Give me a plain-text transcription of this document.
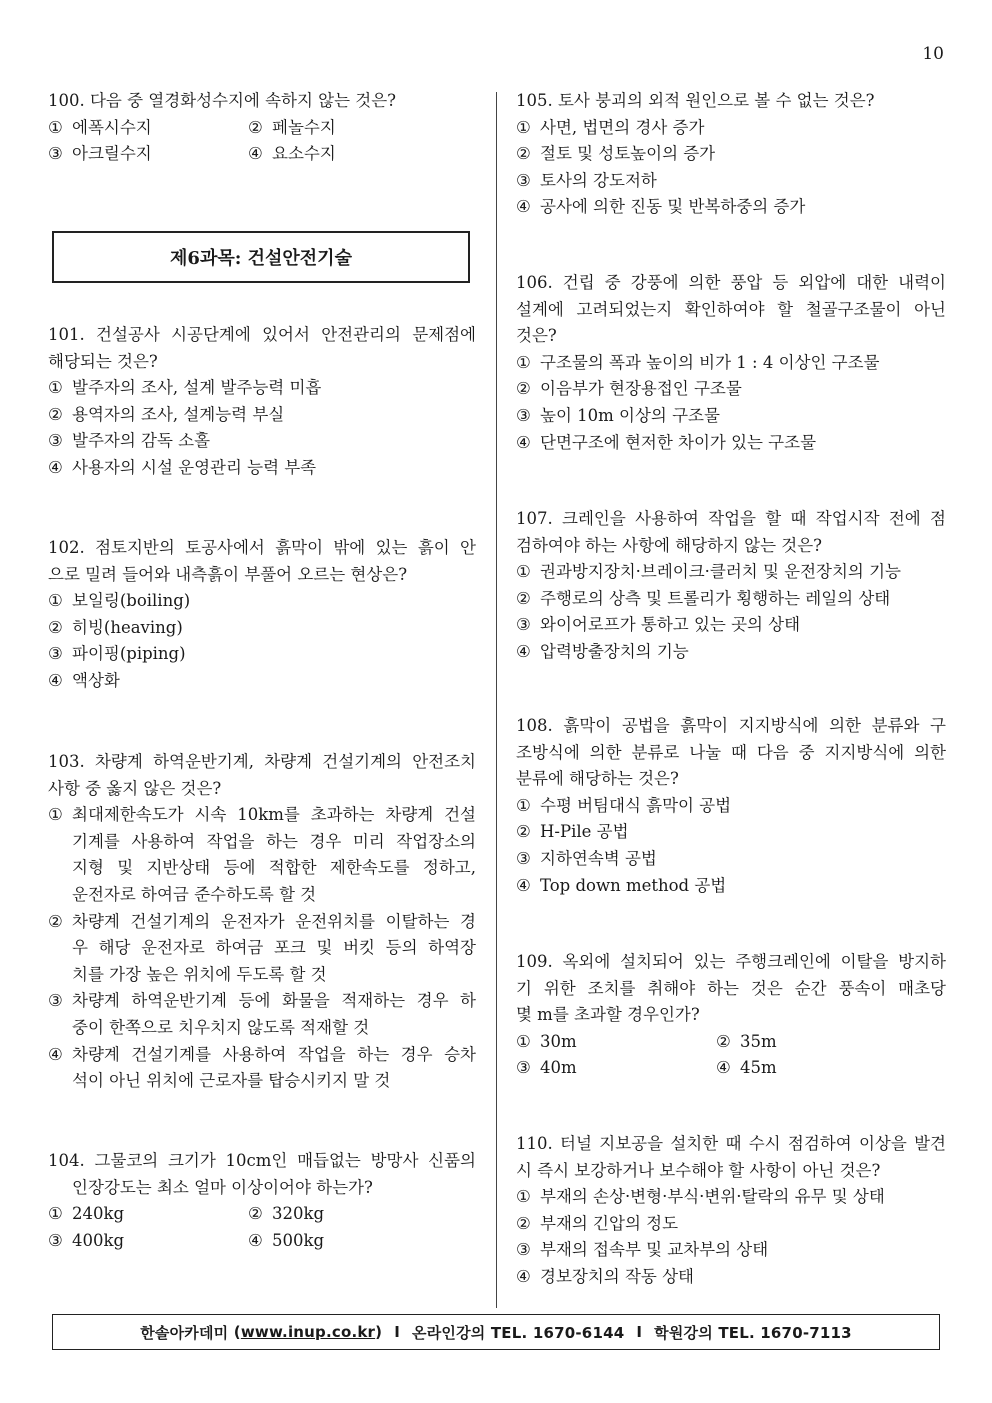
10
100. 다음 중 열경화성수지에 속하지 않는 것은?
① 에폭시수지	② 페놀수지
③ 아크릴수지	④ 요소수지
101. 건설공사 시공단계에 있어서 안전관리의 문제점에
해당되는 것은?
① 발주자의 조사, 설계 발주능력 미흡
② 용역자의 조사, 설계능력 부실
③ 발주자의 감독 소홀
④ 사용자의 시설 운영관리 능력 부족
102. 점토지반의 토공사에서 흙막이 밖에 있는 흙이 안
으로 밀려 들어와 내측흙이 부풀어 오르는 현상은?
① 보일링(boiling)
② 히빙(heaving)
③ 파이핑(piping)
④ 액상화
103. 차량계 하역운반기계, 차량계 건설기계의 안전조치
사항 중 옳지 않은 것은?
① 최대제한속도가 시속 10km를 초과하는 차량계 건설
기계를 사용하여 작업을 하는 경우 미리 작업장소의
지형 및 지반상태 등에 적합한 제한속도를 정하고,
운전자로 하여금 준수하도록 할 것
② 차량계 건설기계의 운전자가 운전위치를 이탈하는 경
우 해당 운전자로 하여금 포크 및 버킷 등의 하역장
치를 가장 높은 위치에 두도록 할 것
③ 차량계 하역운반기계 등에 화물을 적재하는 경우 하
중이 한쪽으로 치우치지 않도록 적재할 것
④ 차량계 건설기계를 사용하여 작업을 하는 경우 승차
석이 아닌 위치에 근로자를 탑승시키지 말 것
104. 그물코의 크기가 10cm인 매듭없는 방망사 신품의
인장강도는 최소 얼마 이상이어야 하는가?
① 240kg	② 320kg
③ 400kg	④ 500kg
제6과목: 건설안전기술
105. 토사 붕괴의 외적 원인으로 볼 수 없는 것은?
① 사면, 법면의 경사 증가
② 절토 및 성토높이의 증가
③ 토사의 강도저하
④ 공사에 의한 진동 및 반복하중의 증가
106. 건립 중 강풍에 의한 풍압 등 외압에 대한 내력이
설계에 고려되었는지 확인하여야 할 철골구조물이 아닌
것은?
① 구조물의 폭과 높이의 비가 1 : 4 이상인 구조물
② 이음부가 현장용접인 구조물
③ 높이 10m 이상의 구조물
④ 단면구조에 현저한 차이가 있는 구조물
107. 크레인을 사용하여 작업을 할 때 작업시작 전에 점
검하여야 하는 사항에 해당하지 않는 것은?
① 권과방지장치·브레이크·클러치 및 운전장치의 기능
② 주행로의 상측 및 트롤리가 횡행하는 레일의 상태
③ 와이어로프가 통하고 있는 곳의 상태
④ 압력방출장치의 기능
108. 흙막이 공법을 흙막이 지지방식에 의한 분류와 구
조방식에 의한 분류로 나눌 때 다음 중 지지방식에 의한
분류에 해당하는 것은?
① 수평 버팀대식 흙막이 공법
② H-Pile 공법
③ 지하연속벽 공법
④ Top down method 공법
109. 옥외에 설치되어 있는 주행크레인에 이탈을 방지하
기 위한 조치를 취해야 하는 것은 순간 풍속이 매초당
몇 m를 초과할 경우인가?
① 30m	② 35m
③ 40m	④ 45m
110. 터널 지보공을 설치한 때 수시 점검하여 이상을 발견
시 즉시 보강하거나 보수해야 할 사항이 아닌 것은?
① 부재의 손상·변형·부식·변위·탈락의 유무 및 상태
② 부재의 긴압의 정도
③ 부재의 접속부 및 교차부의 상태
④ 경보장치의 작동 상태
한솔아카데미
( www.inup.co.kr ) I 온라인강의 TEL. 1670-6144 I 학원강의 TEL. 1670-7113
